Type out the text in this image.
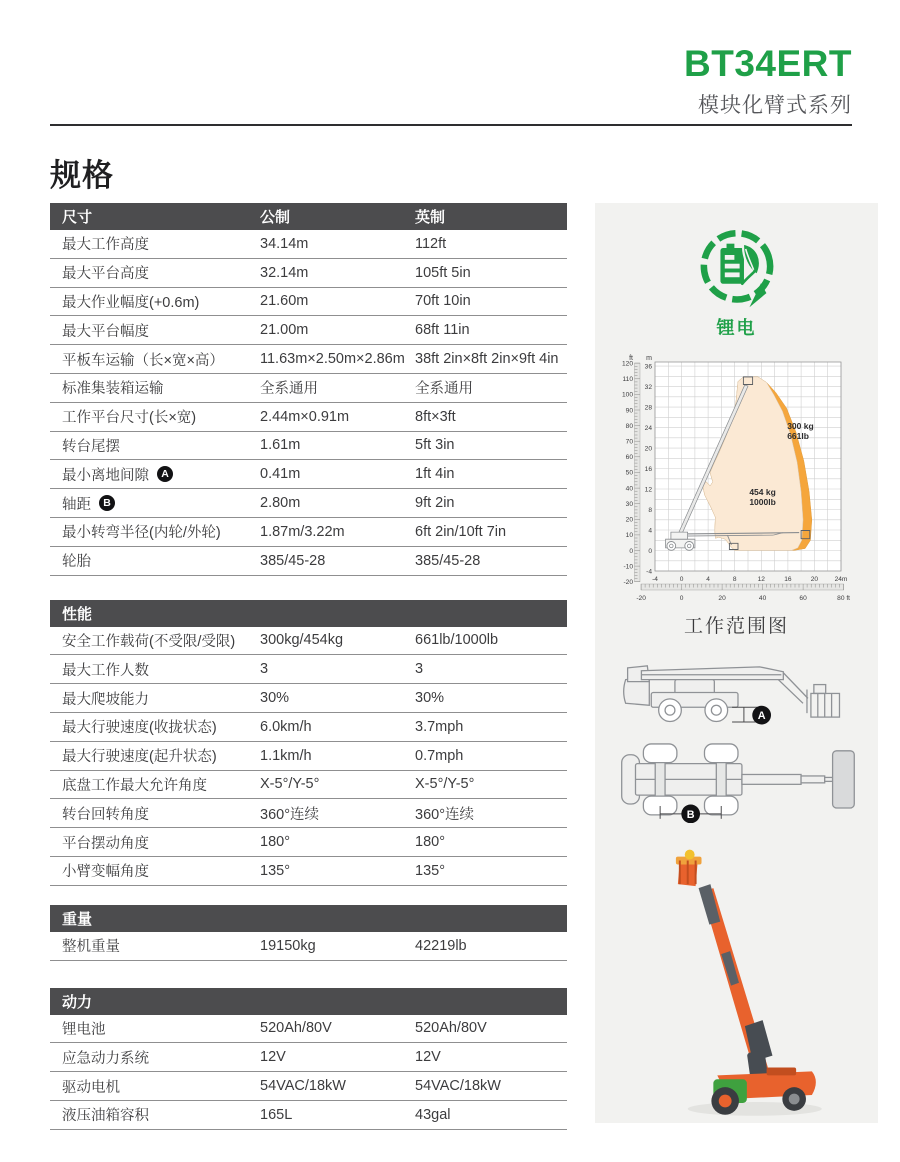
BT34ERT
模块化臂式系列
规格
尺寸	公制	英制
最大工作高度	34.14m	112ft
最大平台高度	32.14m	105ft 5in
最大作业幅度(+0.6m)	21.60m	70ft 10in
最大平台幅度	21.00m	68ft 11in
平板车运输（长×宽×高） 11.63m×2.50m×2.86m 38ft 2in×8ft 2in×9ft 4in
标准集装箱运输	全系通用	全系通用
工作平台尺寸(长×宽)	2.44m×0.91m	8ft×3ft
转台尾摆	1.61m	5ft 3in
最小离地间隙	A	0.41m	1ft 4in
轴距	B	2.80m	9ft 2in
最小转弯半径(内轮/外轮)	1.87m/3.22m	6ft 2in/10ft 7in
轮胎	385/45-28	385/45-28
性能
安全工作载荷(不受限/受限) 300kg/454kg	661lb/1000lb
最大工作人数	3	3
最大爬坡能力	30%	30%
最大行驶速度(收拢状态)	6.0km/h	3.7mph
最大行驶速度(起升状态)	1.1km/h	0.7mph
底盘工作最大允许角度	X-5°/Y-5°	X-5°/Y-5°
转台回转角度	360°连续	360°连续
平台摆动角度	180°	180°
小臂变幅角度	135°	135°
重量
整机重量	19150kg	42219lb
动力
锂电池	520Ah/80V	520Ah/80V
应急动力系统	12V	12V
驱动电机	54VAC/18kW	54VAC/18kW
液压油箱容积	165L	43gal
锂电
454 kg
1000lb
300 kg
661lb
ft m
-20
-10
0
10
20
30
40
50
60
70
80
90
100
110
120
-4
0
4
8
12
16
20
24
28
32
36
-4	0	4	8	12	16	20	24m
-20	0	20	40	60	80 ft
工作范围图
A
B
